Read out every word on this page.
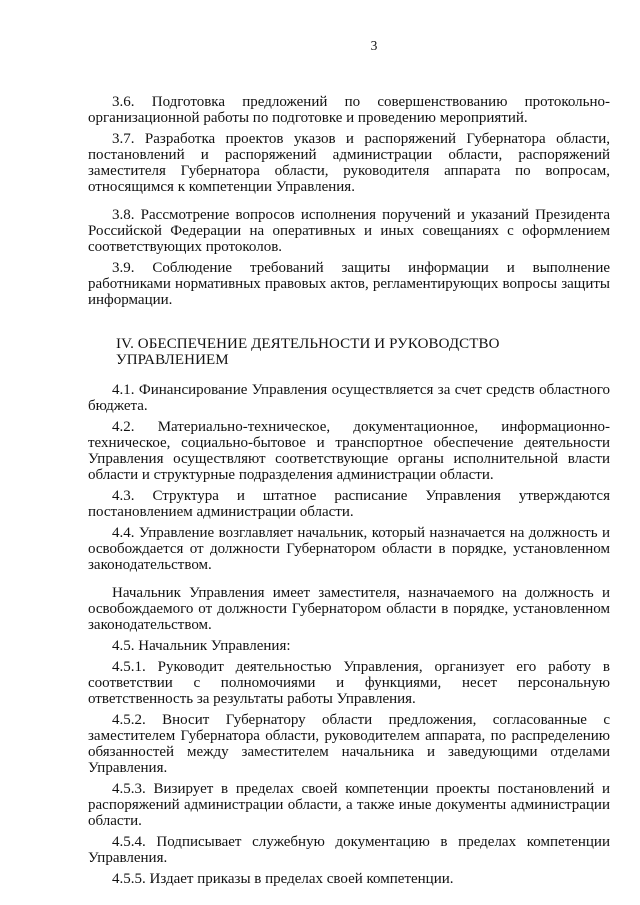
3

3.6. Подготовка предложений по совершенствованию протокольно-организационной работы по подготовке и проведению мероприятий.

3.7. Разработка проектов указов и распоряжений Губернатора области, постановлений и распоряжений администрации области, распоряжений заместителя Губернатора области, руководителя аппарата по вопросам, относящимся к компетенции Управления.

3.8. Рассмотрение вопросов исполнения поручений и указаний Президента Российской Федерации на оперативных и иных совещаниях с оформлением соответствующих протоколов.

3.9. Соблюдение требований защиты информации и выполнение работниками нормативных правовых актов, регламентирующих вопросы защиты информации.

IV. ОБЕСПЕЧЕНИЕ ДЕЯТЕЛЬНОСТИ И РУКОВОДСТВО УПРАВЛЕНИЕМ

4.1. Финансирование Управления осуществляется за счет средств областного бюджета.

4.2. Материально-техническое, документационное, информационно-техническое, социально-бытовое и транспортное обеспечение деятельности Управления осуществляют соответствующие органы исполнительной власти области и структурные подразделения администрации области.

4.3. Структура и штатное расписание Управления утверждаются постановлением администрации области.

4.4. Управление возглавляет начальник, который назначается на должность и освобождается от должности Губернатором области в порядке, установленном законодательством.

Начальник Управления имеет заместителя, назначаемого на должность и освобождаемого от должности Губернатором области в порядке, установленном законодательством.

4.5. Начальник Управления:

4.5.1. Руководит деятельностью Управления, организует его работу в соответствии с полномочиями и функциями, несет персональную ответственность за результаты работы Управления.

4.5.2. Вносит Губернатору области предложения, согласованные с заместителем Губернатора области, руководителем аппарата, по распределению обязанностей между заместителем начальника и заведующими отделами Управления.

4.5.3. Визирует в пределах своей компетенции проекты постановлений и распоряжений администрации области, а также иные документы администрации области.

4.5.4. Подписывает служебную документацию в пределах компетенции Управления.

4.5.5. Издает приказы в пределах своей компетенции.
